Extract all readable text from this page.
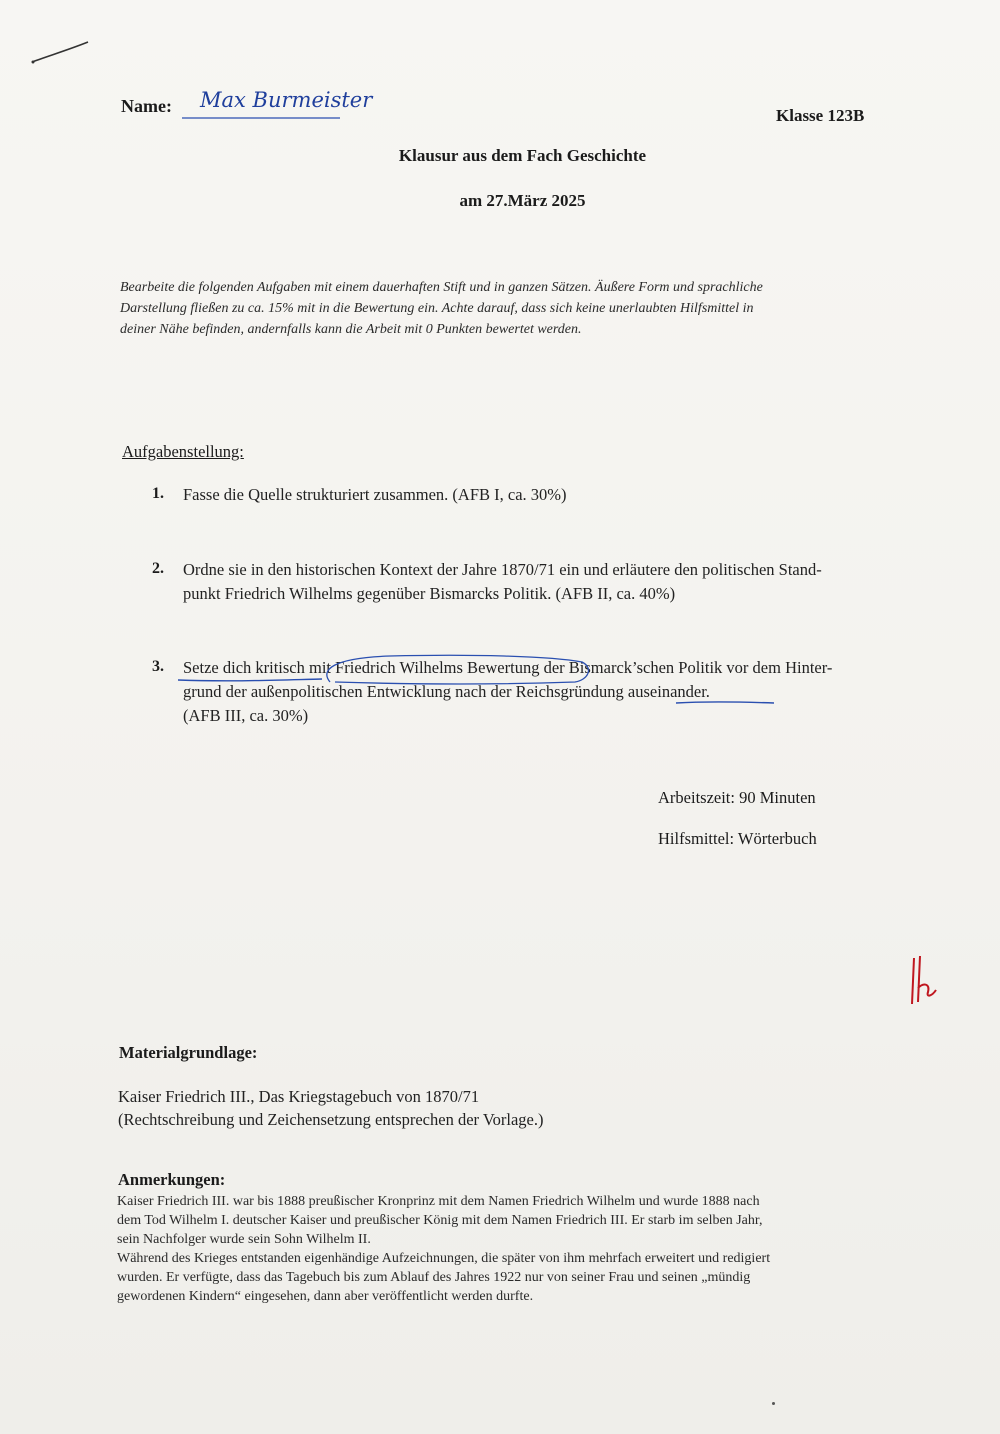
Name: Max Burmeister
Klasse 123B
Klausur aus dem Fach Geschichte
am 27.März 2025
Bearbeite die folgenden Aufgaben mit einem dauerhaften Stift und in ganzen Sätzen. Äußere Form und sprachliche
Darstellung fließen zu ca. 15% mit in die Bewertung ein. Achte darauf, dass sich keine unerlaubten Hilfsmittel in
deiner Nähe befinden, andernfalls kann die Arbeit mit 0 Punkten bewertet werden.
Aufgabenstellung:
1. Fasse die Quelle strukturiert zusammen. (AFB I, ca. 30%)
2. Ordne sie in den historischen Kontext der Jahre 1870/71 ein und erläutere den politischen Stand-
punkt Friedrich Wilhelms gegenüber Bismarcks Politik. (AFB II, ca. 40%)
3. Setze dich kritisch mit Friedrich Wilhelms Bewertung der Bismarck’schen Politik vor dem Hinter-
grund der außenpolitischen Entwicklung nach der Reichsgründung auseinander.
(AFB III, ca. 30%)
Arbeitszeit: 90 Minuten
Hilfsmittel: Wörterbuch
Materialgrundlage:
Kaiser Friedrich III., Das Kriegstagebuch von 1870/71
(Rechtschreibung und Zeichensetzung entsprechen der Vorlage.)
Anmerkungen:
Kaiser Friedrich III. war bis 1888 preußischer Kronprinz mit dem Namen Friedrich Wilhelm und wurde 1888 nach
dem Tod Wilhelm I. deutscher Kaiser und preußischer König mit dem Namen Friedrich III. Er starb im selben Jahr,
sein Nachfolger wurde sein Sohn Wilhelm II.
Während des Krieges entstanden eigenhändige Aufzeichnungen, die später von ihm mehrfach erweitert und redigiert
wurden. Er verfügte, dass das Tagebuch bis zum Ablauf des Jahres 1922 nur von seiner Frau und seinen „mündig
gewordenen Kindern“ eingesehen, dann aber veröffentlicht werden durfte.
